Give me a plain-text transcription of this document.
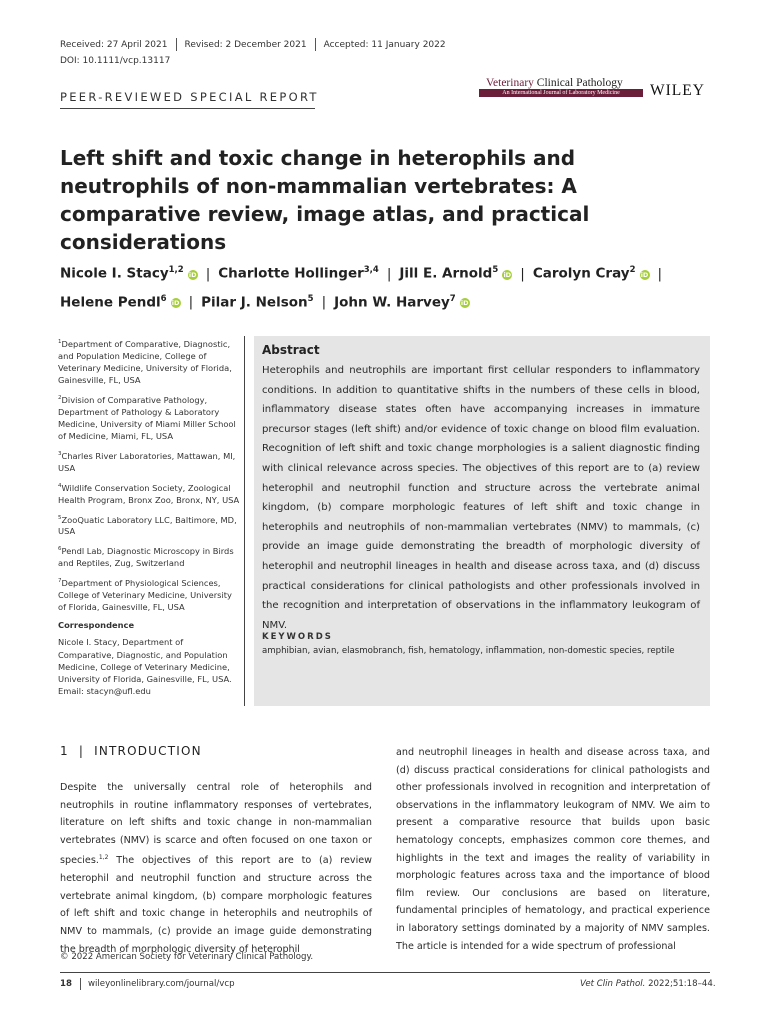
Received: 27 April 2021 Revised: 2 December 2021 Accepted: 11 January 2022
DOI: 10.1111/vcp.13117
PEER-REVIEWED SPECIAL REPORT
Veterinary Clinical Pathology
An International Journal of Laboratory Medicine	WILEY
Left shift and toxic change in heterophils and neutrophils of non-mammalian vertebrates: A comparative review, image atlas, and practical considerations
Nicole I. Stacy$^{1,2}$ iD | Charlotte Hollinger$^{3,4}$ | Jill E. Arnold$^5$ iD | Carolyn Cray$^2$ iD |
Helene Pendl$^6$ iD | Pilar J. Nelson$^5$ | John W. Harvey$^7$ iD

$^1$Department of Comparative, Diagnostic, and Population Medicine, College of Veterinary Medicine, University of Florida, Gainesville, FL, USA

$^2$Division of Comparative Pathology, Department of Pathology & Laboratory Medicine, University of Miami Miller School of Medicine, Miami, FL, USA

$^3$Charles River Laboratories, Mattawan, MI, USA

$^4$Wildlife Conservation Society, Zoological Health Program, Bronx Zoo, Bronx, NY, USA

$^5$ZooQuatic Laboratory LLC, Baltimore, MD, USA

$^6$Pendl Lab, Diagnostic Microscopy in Birds and Reptiles, Zug, Switzerland

$^7$Department of Physiological Sciences, College of Veterinary Medicine, University of Florida, Gainesville, FL, USA

Correspondence

Nicole I. Stacy, Department of Comparative, Diagnostic, and Population Medicine, College of Veterinary Medicine, University of Florida, Gainesville, FL, USA.
Email: stacyn@ufl.edu

Abstract

Heterophils and neutrophils are important first cellular responders to inflammatory conditions. In addition to quantitative shifts in the numbers of these cells in blood, inflammatory disease states often have accompanying increases in immature precursor stages (left shift) and/or evidence of toxic change on blood film evaluation. Recognition of left shift and toxic change morphologies is a salient diagnostic finding with clinical relevance across species. The objectives of this report are to (a) review heterophil and neutrophil function and structure across the vertebrate animal kingdom, (b) compare morphologic features of left shift and toxic change in heterophils and neutrophils of non-mammalian vertebrates (NMV) to mammals, (c) provide an image guide demonstrating the breadth of morphologic diversity of heterophil and neutrophil lineages in health and disease across taxa, and (d) discuss practical considerations for clinical pathologists and other professionals involved in the recognition and interpretation of observations in the inflammatory leukogram of NMV.

KEYWORDS
amphibian, avian, elasmobranch, fish, hematology, inflammation, non-domestic species, reptile
1 | INTRODUCTION

Despite the universally central role of heterophils and neutrophils in routine inflammatory responses of vertebrates, literature on left shifts and toxic change in non-mammalian vertebrates (NMV) is scarce and often focused on one taxon or species.$^{1,2}$ The objectives of this report are to (a) review heterophil and neutrophil function and structure across the vertebrate animal kingdom, (b) compare morphologic features of left shift and toxic change in heterophils and neutrophils of NMV to mammals, (c) provide an image guide demonstrating the breadth of morphologic diversity of heterophil

and neutrophil lineages in health and disease across taxa, and (d) discuss practical considerations for clinical pathologists and other professionals involved in recognition and interpretation of observations in the inflammatory leukogram of NMV. We aim to present a comparative resource that builds upon basic hematology concepts, emphasizes common core themes, and highlights in the text and images the reality of variability in morphologic features across taxa and the importance of blood film review. Our conclusions are based on literature, fundamental principles of hematology, and practical experience in laboratory settings dominated by a majority of NMV samples. The article is intended for a wide spectrum of professional

© 2022 American Society for Veterinary Clinical Pathology.
18 wileyonlinelibrary.com/journal/vcp	Vet Clin Pathol. 2022;51:18–44.
